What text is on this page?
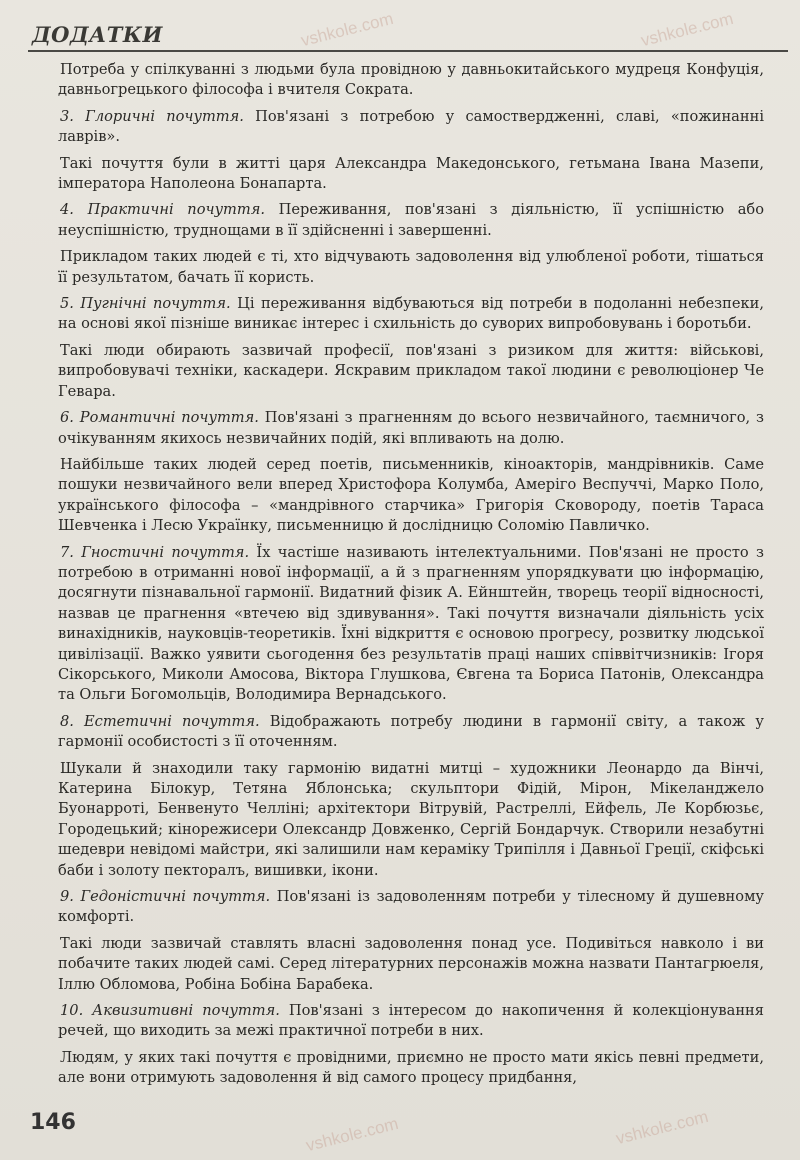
vshkole.com	vshkole.com
vshkole.com	vshkole.com
ДОДАТКИ

Потреба у спілкуванні з людьми була провідною у давньокитайського мудреця Конфуція, давньогрецького філософа і вчителя Сократа.

3. Глоричні почуття. Пов'язані з потребою у самоствердженні, славі, «пожинанні лаврів».

Такі почуття були в житті царя Александра Македонського, гетьмана Івана Мазепи, імператора Наполеона Бонапарта.

4. Практичні почуття. Переживання, пов'язані з діяльністю, її успішністю або неуспішністю, труднощами в її здійсненні і завершенні.

Прикладом таких людей є ті, хто відчувають задоволення від улюбленої роботи, тішаться її результатом, бачать її користь.

5. Пугнічні почуття. Ці переживання відбуваються від потреби в подоланні небезпеки, на основі якої пізніше виникає інтерес і схильність до суворих випробовувань і боротьби.

Такі люди обирають зазвичай професії, пов'язані з ризиком для життя: військові, випробовувачі техніки, каскадери. Яскравим прикладом такої людини є революціонер Че Гевара.

6. Романтичні почуття. Пов'язані з прагненням до всього незвичайного, таємничого, з очікуванням якихось незвичайних подій, які впливають на долю.

Найбільше таких людей серед поетів, письменників, кіноакторів, мандрівників. Саме пошуки незвичайного вели вперед Христофора Колумба, Амеріго Веспуччі, Марко Поло, українського філософа – «мандрівного старчика» Григорія Сковороду, поетів Тараса Шевченка і Лесю Українку, письменницю й дослідницю Соломію Павличко.

7. Гностичні почуття. Їх частіше називають інтелектуальними. Пов'язані не просто з потребою в отриманні нової інформації, а й з прагненням упорядкувати цю інформацію, досягнути пізнавальної гармонії. Видатний фізик А. Ейнштейн, творець теорії відносності, назвав це прагнення «втечею від здивування». Такі почуття визначали діяльність усіх винахідників, науковців-теоретиків. Їхні відкриття є основою прогресу, розвитку людської цивілізації. Важко уявити сьогодення без результатів праці наших співвітчизників: Ігоря Сікорського, Миколи Амосова, Віктора Глушкова, Євгена та Бориса Патонів, Олександра та Ольги Богомольців, Володимира Вернадського.

8. Естетичні почуття. Відображають потребу людини в гармонії світу, а також у гармонії особистості з її оточенням.

Шукали й знаходили таку гармонію видатні митці – художники Леонардо да Вінчі, Катерина Білокур, Тетяна Яблонська; скульптори Фідій, Мірон, Мікеланджело Буонарроті, Бенвенуто Челліні; архітектори Вітрувій, Растреллі, Ейфель, Ле Корбюзьє, Городецький; кінорежисери Олександр Довженко, Сергій Бондарчук. Створили незабутні шедеври невідомі майстри, які залишили нам кераміку Трипілля і Давньої Греції, скіфські баби і золоту пекторалъ, вишивки, ікони.

9. Гедоністичні почуття. Пов'язані із задоволенням потреби у тілесному й душевному комфорті.

Такі люди зазвичай ставлять власні задоволення понад усе. Подивіться навколо і ви побачите таких людей самі. Серед літературних персонажів можна назвати Пантагрюеля, Іллю Обломова, Робіна Бобіна Барабека.

10. Аквизитивні почуття. Пов'язані з інтересом до накопичення й колекціонування речей, що виходить за межі практичної потреби в них.

Людям, у яких такі почуття є провідними, приємно не просто мати якісь певні предмети, але вони отримують задоволення й від самого процесу придбання,

146
